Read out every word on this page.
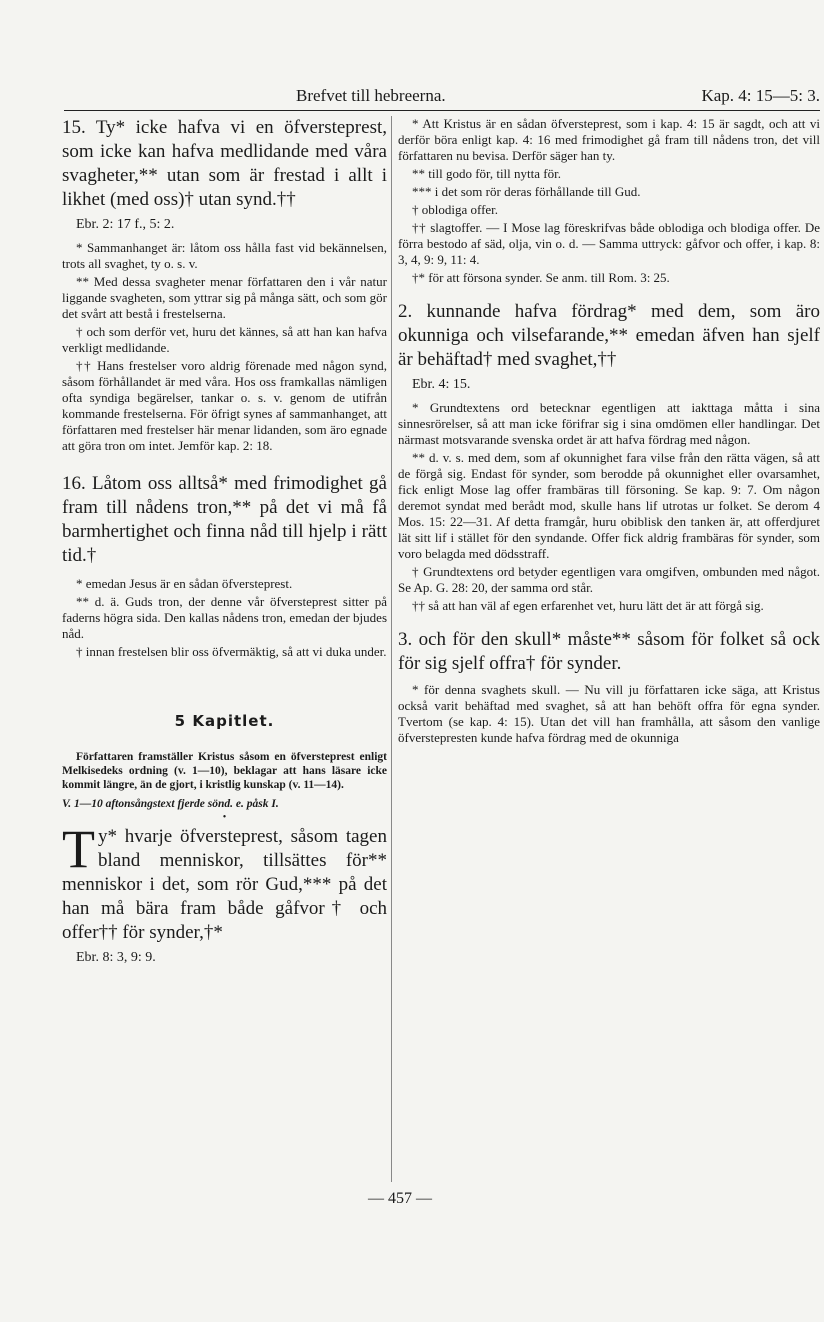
Brefvet till hebreerna.	Kap. 4: 15—5: 3.

15. Ty* icke hafva vi en öfversteprest, som icke kan hafva medlidande med våra svagheter,** utan som är frestad i allt i likhet (med oss)† utan synd.††

Ebr. 2: 17 f., 5: 2.

* Sammanhanget är: låtom oss hålla fast vid bekännelsen, trots all svaghet, ty o. s. v.

** Med dessa svagheter menar författaren den i vår natur liggande svagheten, som yttrar sig på många sätt, och som gör det svårt att bestå i frestelserna.

† och som derför vet, huru det kännes, så att han kan hafva verkligt medlidande.

†† Hans frestelser voro aldrig förenade med någon synd, såsom förhållandet är med våra. Hos oss framkallas nämligen ofta syndiga begärelser, tankar o. s. v. genom de utifrån kommande frestelserna. För öfrigt synes af sammanhanget, att författaren med frestelser här menar lidanden, som äro egnade att göra tron om intet. Jemför kap. 2: 18.

16. Låtom oss alltså* med frimodighet gå fram till nådens tron,** på det vi må få barmhertighet och finna nåd till hjelp i rätt tid.†

* emedan Jesus är en sådan öfversteprest.

** d. ä. Guds tron, der denne vår öfversteprest sitter på faderns högra sida. Den kallas nådens tron, emedan der bjudes nåd.

† innan frestelsen blir oss öfvermäktig, så att vi duka under.

5 Kapitlet.

Författaren framställer Kristus såsom en öfversteprest enligt Melkisedeks ordning (v. 1—10), beklagar att hans läsare icke kommit längre, än de gjort, i kristlig kunskap (v. 11—14).

V. 1—10 aftonsångstext fjerde sönd. e. påsk I.

•

Ty* hvarje öfversteprest, såsom tagen bland menniskor, tillsättes för** menniskor i det, som rör Gud,*** på det han må bära fram både gåfvor† och offer†† för synder,†*

Ebr. 8: 3, 9: 9.

* Att Kristus är en sådan öfversteprest, som i kap. 4: 15 är sagdt, och att vi derför böra enligt kap. 4: 16 med frimodighet gå fram till nådens tron, det vill författaren nu bevisa. Derför säger han ty.

** till godo för, till nytta för.

*** i det som rör deras förhållande till Gud.

† oblodiga offer.

†† slagtoffer. — I Mose lag föreskrifvas både oblodiga och blodiga offer. De förra bestodo af säd, olja, vin o. d. — Samma uttryck: gåfvor och offer, i kap. 8: 3, 4, 9: 9, 11: 4.

†* för att försona synder. Se anm. till Rom. 3: 25.

2. kunnande hafva fördrag* med dem, som äro okunniga och vilsefarande,** emedan äfven han sjelf är behäftad† med svaghet,††

Ebr. 4: 15.

* Grundtextens ord betecknar egentligen att iakttaga måtta i sina sinnesrörelser, så att man icke förifrar sig i sina omdömen eller handlingar. Det närmast motsvarande svenska ordet är att hafva fördrag med någon.

** d. v. s. med dem, som af okunnighet fara vilse från den rätta vägen, så att de förgå sig. Endast för synder, som berodde på okunnighet eller ovarsamhet, fick enligt Mose lag offer frambäras till försoning. Se kap. 9: 7. Om någon deremot syndat med berådt mod, skulle hans lif utrotas ur folket. Se derom 4 Mos. 15: 22—31. Af detta framgår, huru obiblisk den tanken är, att offerdjuret lät sitt lif i stället för den syndande. Offer fick aldrig frambäras för synder, som voro belagda med dödsstraff.

† Grundtextens ord betyder egentligen vara omgifven, ombunden med något. Se Ap. G. 28: 20, der samma ord står.

†† så att han väl af egen erfarenhet vet, huru lätt det är att förgå sig.

3. och för den skull* måste** såsom för folket så ock för sig sjelf offra† för synder.

* för denna svaghets skull. — Nu vill ju författaren icke säga, att Kristus också varit behäftad med svaghet, så att han behöft offra för egna synder. Tvertom (se kap. 4: 15). Utan det vill han framhålla, att såsom den vanlige öfverstepresten kunde hafva fördrag med de okunniga

— 457 —
